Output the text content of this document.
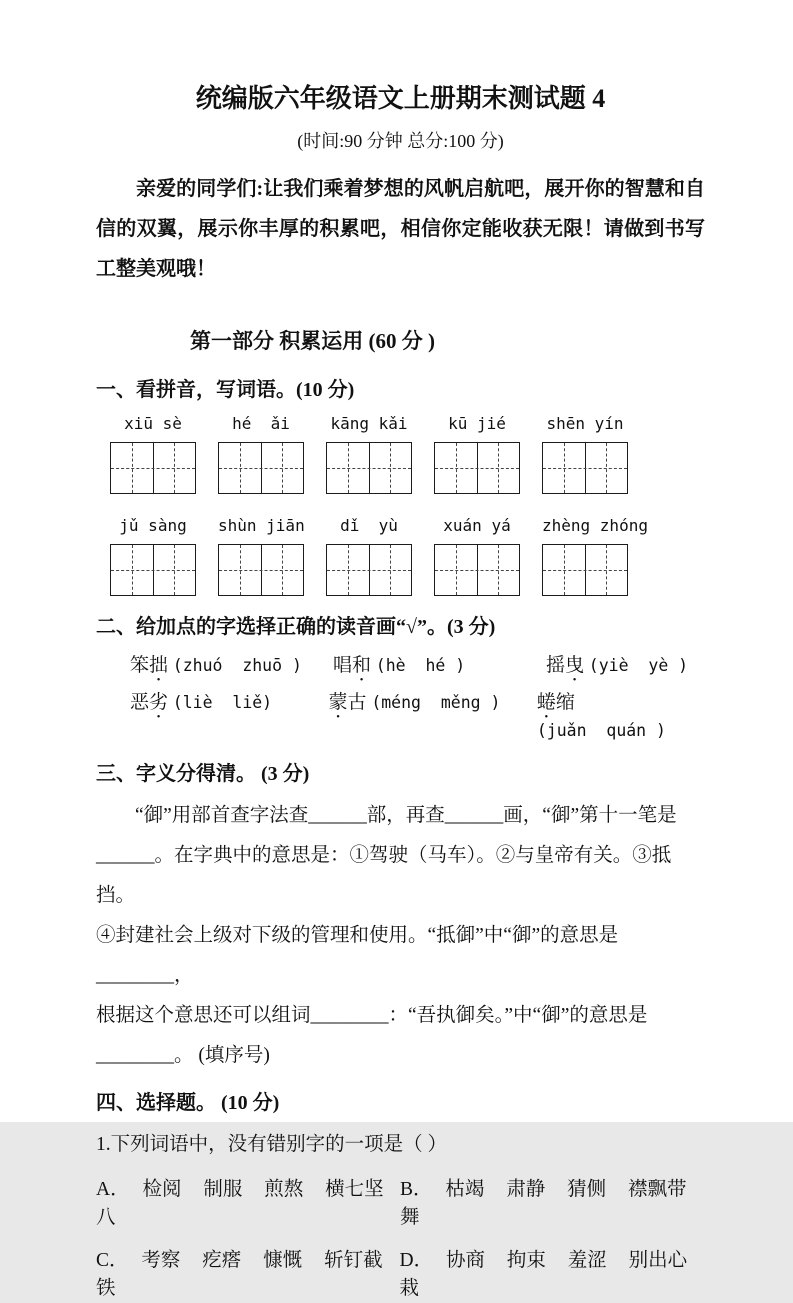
统编版六年级语文上册期末测试题 4
(时间:90 分钟 总分:100 分)
亲爱的同学们:让我们乘着梦想的风帆启航吧，展开你的智慧和自信的双翼，展示你丰厚的积累吧，相信你定能收获无限！请做到书写工整美观哦！
第一部分 积累运用 (60 分 )
一、看拼音，写词语。(10 分)
xiū sè	hé  ǎi	kāng kǎi	kū jié	shēn yín
jǔ sàng	shùn jiān	dǐ  yù	xuán yá	zhèng zhóng
二、给加点的字选择正确的读音画“√”。(3 分)
笨拙 (zhuó  zhuō )	唱和 (hè  hé )	摇曳 (yiè  yè )
恶劣 (liè  liě)	蒙古 (méng  měng )	蜷缩 (juǎn  quán )
三、字义分得清。 (3 分)
“御”用部首查字法查______部，再查______画，“御”第十一笔是
______。在字典中的意思是：①驾驶（马车）。②与皇帝有关。③抵挡。
④封建社会上级对下级的管理和使用。“抵御”中“御”的意思是________，
根据这个意思还可以组词________：“吾执御矣。”中“御”的意思是
________。 (填序号)
四、选择题。 (10 分)
1.下列词语中，没有错别字的一项是（ ）
A． 检阅 制服 煎熬 横七坚八
B． 枯竭 肃静 猜侧 襟飘带舞
C． 考察 疙瘩 慷慨 斩钉截铁
D． 协商 拘束 羞涩 别出心栽
